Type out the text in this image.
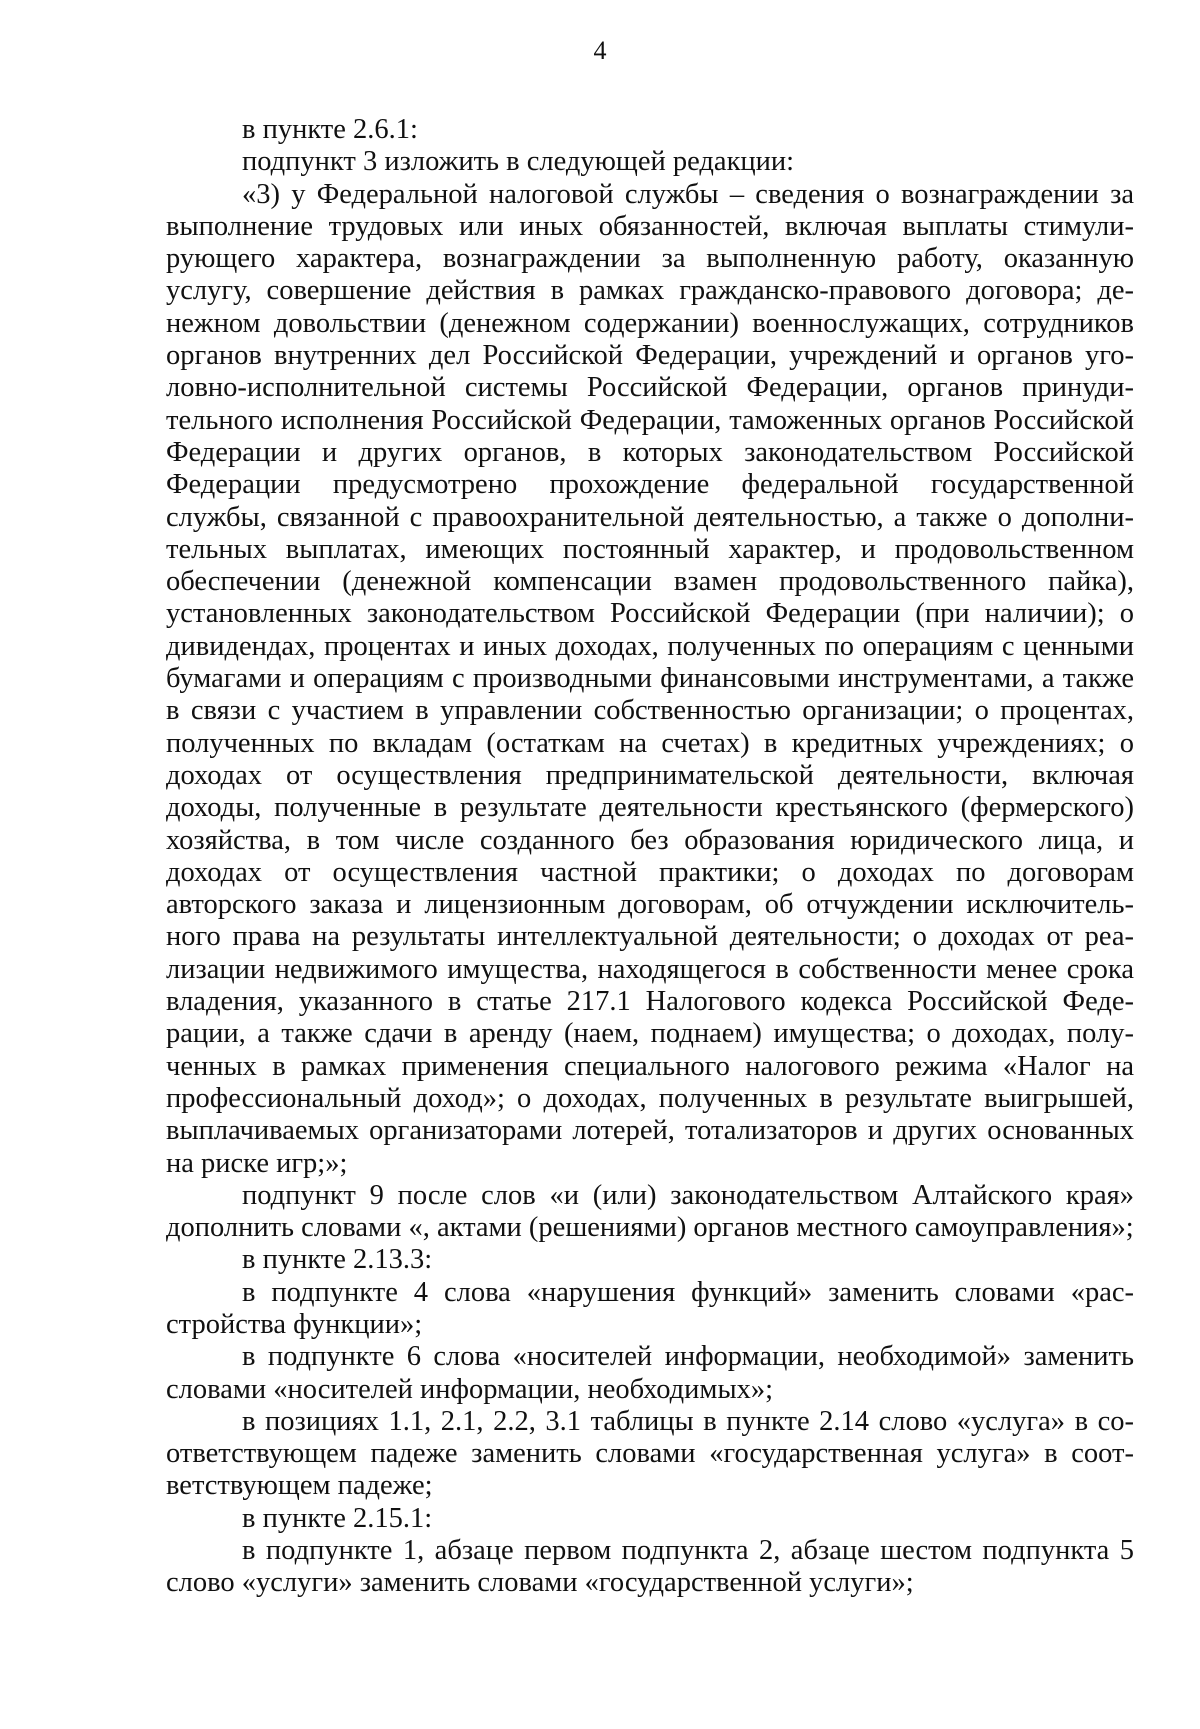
4

в пункте 2.6.1:

подпункт 3 изложить в следующей редакции:

«3) у Федеральной налоговой службы – сведения о вознаграждении за выполнение трудовых или иных обязанностей, включая выплаты стимулирующего характера, вознаграждении за выполненную работу, оказанную услугу, совершение действия в рамках гражданско-правового договора; денежном довольствии (денежном содержании) военнослужащих, сотрудников органов внутренних дел Российской Федерации, учреждений и органов уголовно-исполнительной системы Российской Федерации, органов принудительного исполнения Российской Федерации, таможенных органов Российской Федерации и других органов, в которых законодательством Российской Федерации предусмотрено прохождение федеральной государственной службы, связанной с правоохранительной деятельностью, а также о дополнительных выплатах, имеющих постоянный характер, и продовольственном обеспечении (денежной компенсации взамен продовольственного пайка), установленных законодательством Российской Федерации (при наличии); о дивидендах, процентах и иных доходах, полученных по операциям с ценными бумагами и операциям с производными финансовыми инструментами, а также в связи с участием в управлении собственностью организации; о процентах, полученных по вкладам (остаткам на счетах) в кредитных учреждениях; о доходах от осуществления предпринимательской деятельности, включая доходы, полученные в результате деятельности крестьянского (фермерского) хозяйства, в том числе созданного без образования юридического лица, и доходах от осуществления частной практики; о доходах по договорам авторского заказа и лицензионным договорам, об отчуждении исключительного права на результаты интеллектуальной деятельности; о доходах от реализации недвижимого имущества, находящегося в собственности менее срока владения, указанного в статье 217.1 Налогового кодекса Российской Федерации, а также сдачи в аренду (наем, поднаем) имущества; о доходах, полученных в рамках применения специального налогового режима «Налог на профессиональный доход»; о доходах, полученных в результате выигрышей, выплачиваемых организаторами лотерей, тотализаторов и других основанных на риске игр;»;

подпункт 9 после слов «и (или) законодательством Алтайского края» дополнить словами «, актами (решениями) органов местного самоуправления»;

в пункте 2.13.3:

в подпункте 4 слова «нарушения функций» заменить словами «расстройства функции»;

в подпункте 6 слова «носителей информации, необходимой» заменить словами «носителей информации, необходимых»;

в позициях 1.1, 2.1, 2.2, 3.1 таблицы в пункте 2.14 слово «услуга» в соответствующем падеже заменить словами «государственная услуга» в соответствующем падеже;

в пункте 2.15.1:

в подпункте 1, абзаце первом подпункта 2, абзаце шестом подпункта 5 слово «услуги» заменить словами «государственной услуги»;
